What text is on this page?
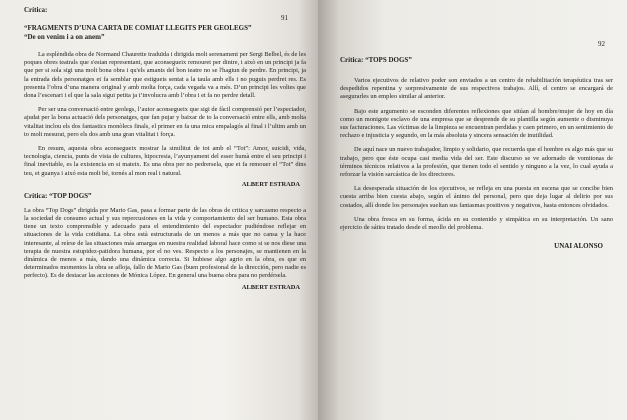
91
Crítica:
“FRAGMENTS D’UNA CARTA DE COMIAT LLEGITS PER GEOLEGS”
“De on venim i a on anem”

La esplèndida obra de Normand Chaurette traduïda i dirigida molt serenament per Sergi Belbel, és de les poques obres teatrals que s'estan representant, que aconsegueix remouret per dintre, i això en un principi ja fa que per si sola sigi una molt bona obra i qu'els amants del bon teatre no se l'hagiun de perdre. En principi, ja la entrada dels personatges et fa semblar que estigueis sentat a la taula amb ells i no puguis perdret res. Es presenta l’obra d’una manera original y amb molta força, cada vegada va a més. D’un principi les voltes que dona l’escenari i el que la sala sigui petita ja t’involucra amb l’obra i et fa no perdre detall.

Per ser una conversació entre geolegs, l’autor aconsegueix que sigi de fàcil comprensió per l’espectador, ajudat per la bona actuació dels personatges, que fan pujar y baixar de to la conversació entre ells, amb molta vitalitat inclou els dos fantastics monòlecs finals, el primer en fa una mica empalagós al final i l’ultim amb un to molt mesurat, pero els dos amb una gran vitalitat i força.

En resum, aquesta obra aconsegueix mostrar la similitut de tot amb el “Tot”: Amor, suicidi, vida, tecnologia, ciencia, punts de vista de cultures, hipocresia, l’ayunyament del esser humà entre el seu principi i final inevitable, es la existencia en si mateix. Es una obra per no pedrersela, que et fa remouer el “Tot” dins teu, et guanya i aixó esta molt bé, tornés al mon real i natural.

ALBERT ESTRADA
Crítica: “TOP DOGS”

La obra “Top Dogs” dirigida por Mario Gas, pasa a formar parte de las obras de critica y sarcasmo respecto a la sociedad de consumo actual y sus repercusiones en la vida y comportamiento del ser humano. Esta obra tiene un texto comprensible y adecuado para el entendimiento del espectador pudiéndose reflejar en situaciones de la vida cotidiana. La obra està estructurada de un menos a más que no cansa y la hace interesante, al reírse de las situaciones más amargas en nuestra realidad laboral hace como si se nos diese una terapia de nuestra estupidez-patidora humana, por el no ves. Respecto a los personajes, se mantienen en la dinámica de menos a más, dando una dinámica correcta. Si hubiese algo agrio en la obra, es que en determinados momentos la obra se afloja, fallo de Mario Gas (buen profesional de la dirección, pero nadie es perfecto). Es de destacar las acciones de Mónica López. En general una buena obra para no perdérsela.

ALBERT ESTRADA
92
Crítica: “TOPS DOGS”

Varios ejecutivos de relativo poder son enviados a un centro de rehabilitación terapéutica tras ser despedidos repentina y sorpresivamente de sus respectivos trabajos. Allí, el centro se encargará de asegurarles un empleo similar al anterior.

Bajo este argumento se esconden diferentes reflexiones que sitúan al hombre/mujer de hoy en día como un monigote esclavo de una empresa que se desprende de su plantilla según aumente o disminuya sus facturaciones. Las víctimas de la limpieza se encuentran perdidas y caen primero, en un sentimiento de rechazo e injusticia y segundo, en la más absoluta y sincera sensación de inutilidad.

De aquí nace un nuevo trabajador, limpio y solidario, que recuerda que el hombre es algo más que su trabajo, pero que éste ocupa casi media vida del ser. Este discurso se ve adornado de vomitonas de términos técnicos relativos a la profesión, que tienen todo el sentido y ninguno a la vez, lo cual ayuda a reforzar la visión sarcástica de los directores.

La desesperada situación de los ejecutivos, se refleja en una puesta en escena que se concibe bien cuesta arriba bien cuesta abajo, según el ánimo del personal, pero que deja lugar al delirio por sus costados, allí donde los personajes sueltan sus fantasmas positivos y negativos, hasta entonces olvidados.

Una obra fresca en su forma, ácida en su contenido y simpática en su interpretación. Un sano ejercicio de sátira tratado desde el meollo del problema.

UNAI ALONSO
